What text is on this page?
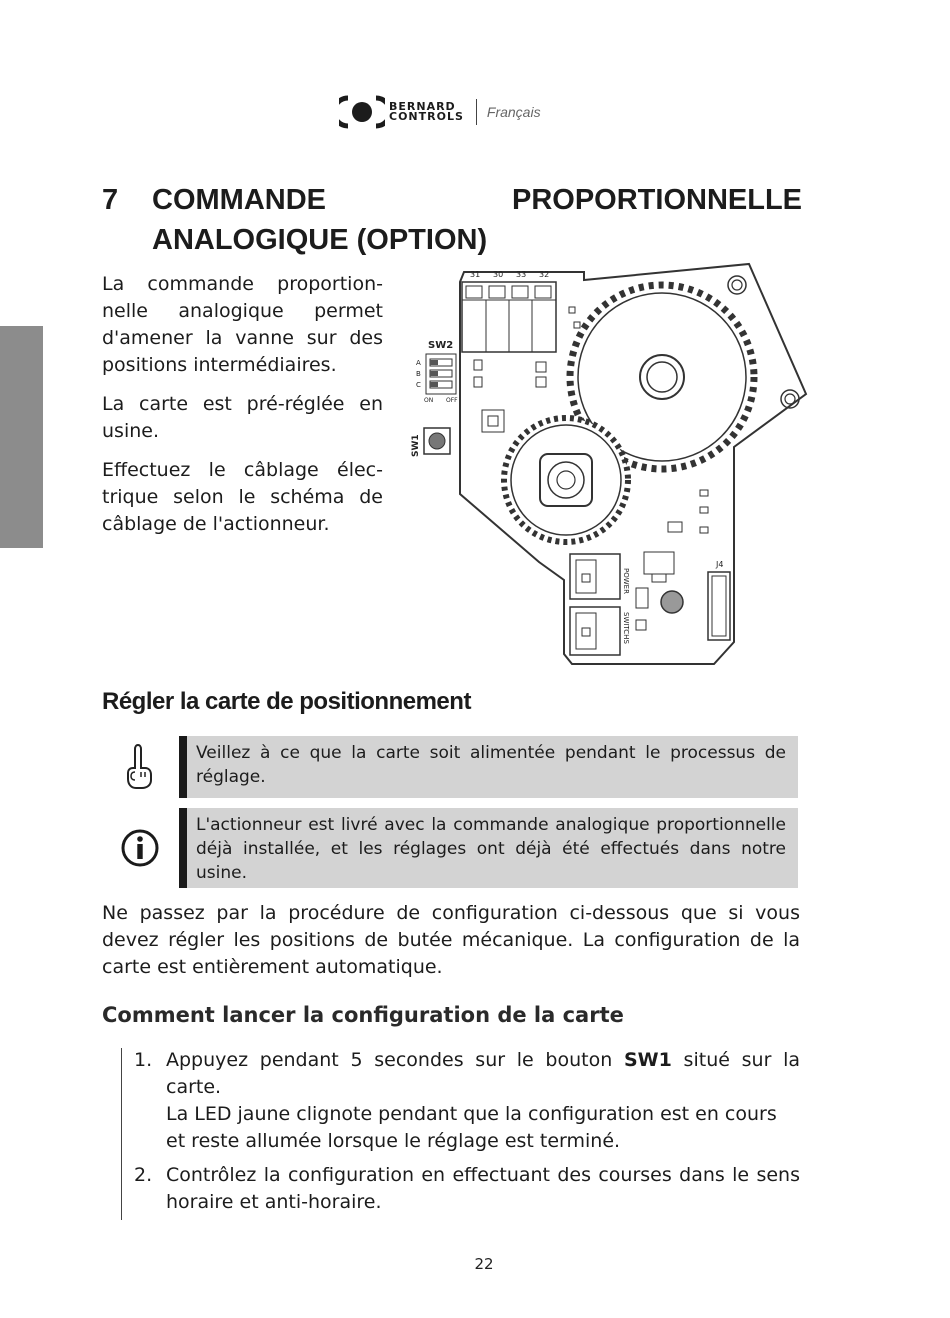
BERNARD
CONTROLS Français
7 COMMANDE PROPORTIONNELLE ANALOGIQUE (OPTION)

La commande proportionnelle analogique permet d'amener la vanne sur des positions intermédiaires.

La carte est pré-réglée en usine.

Effectuez le câblage électrique selon le schéma de câblage de l'actionneur.

31 30 33 32
SW2
A
B
C
ON OFF
SW1
J4
POWER
SWITCHS
Régler la carte de positionnement
Veillez à ce que la carte soit alimentée pendant le processus de réglage.
L'actionneur est livré avec la commande analogique proportionnelle déjà installée, et les réglages ont déjà été effectués dans notre usine.
Ne passez par la procédure de configuration ci-dessous que si vous devez régler les positions de butée mécanique. La configuration de la carte est entièrement automatique.
Comment lancer la configuration de la carte
1. Appuyez pendant 5 secondes sur le bouton SW1 situé sur la carte.
La LED jaune clignote pendant que la configuration est en cours et reste allumée lorsque le réglage est terminé.
2. Contrôlez la configuration en effectuant des courses dans le sens horaire et anti-horaire.
22
